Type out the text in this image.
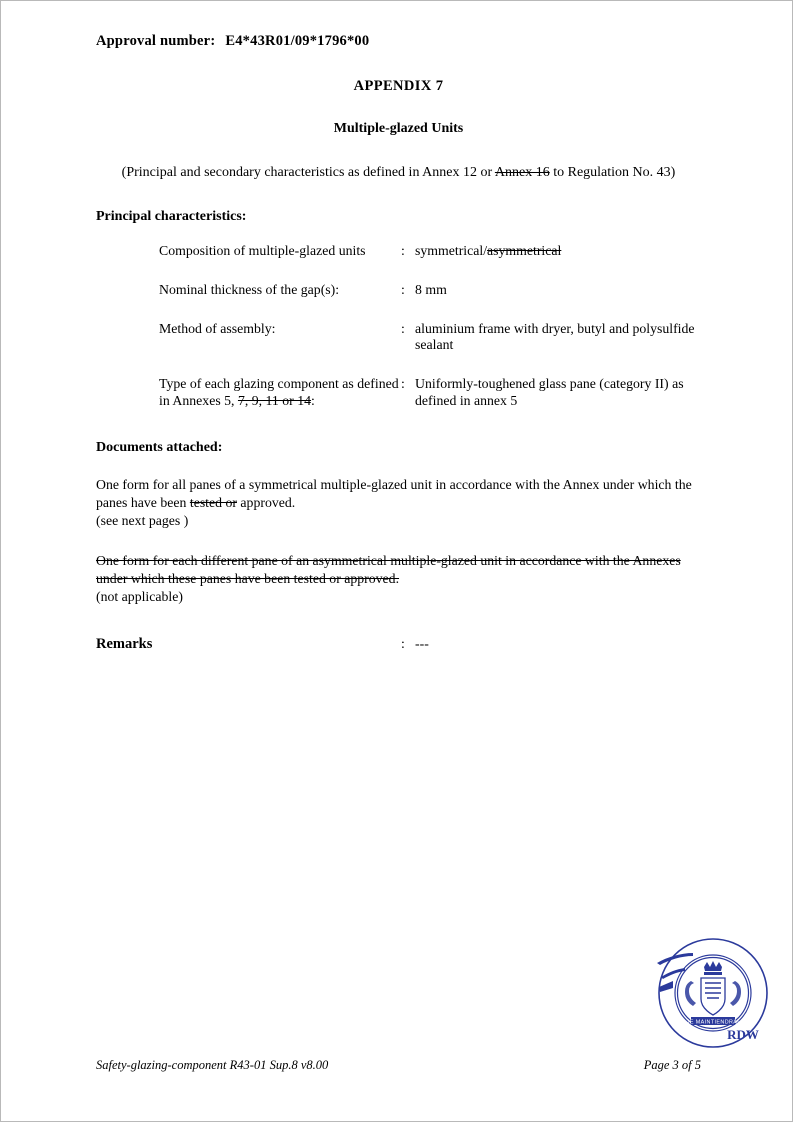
Approval number: E4*43R01/09*1796*00

APPENDIX 7

Multiple-glazed Units

(Principal and secondary characteristics as defined in Annex 12 or Annex 16 to Regulation No. 43)

Principal characteristics:

Composition of multiple-glazed units	:	symmetrical/asymmetrical
Nominal thickness of the gap(s):	:	8 mm
Method of assembly:	:	aluminium frame with dryer, butyl and polysulfide sealant
Type of each glazing component as defined in Annexes 5, 7, 9, 11 or 14:	:	Uniformly-toughened glass pane (category II) as defined in annex 5

Documents attached:

One form for all panes of a symmetrical multiple-glazed unit in accordance with the Annex under which the panes have been tested or approved.
(see next pages )

One form for each different pane of an asymmetrical multiple-glazed unit in accordance with the Annexes under which these panes have been tested or approved.
(not applicable)

Remarks	: ---
JE MAINTIENDRAI
RDW
Safety-glazing-component R43-01 Sup.8 v8.00	Page 3 of 5
